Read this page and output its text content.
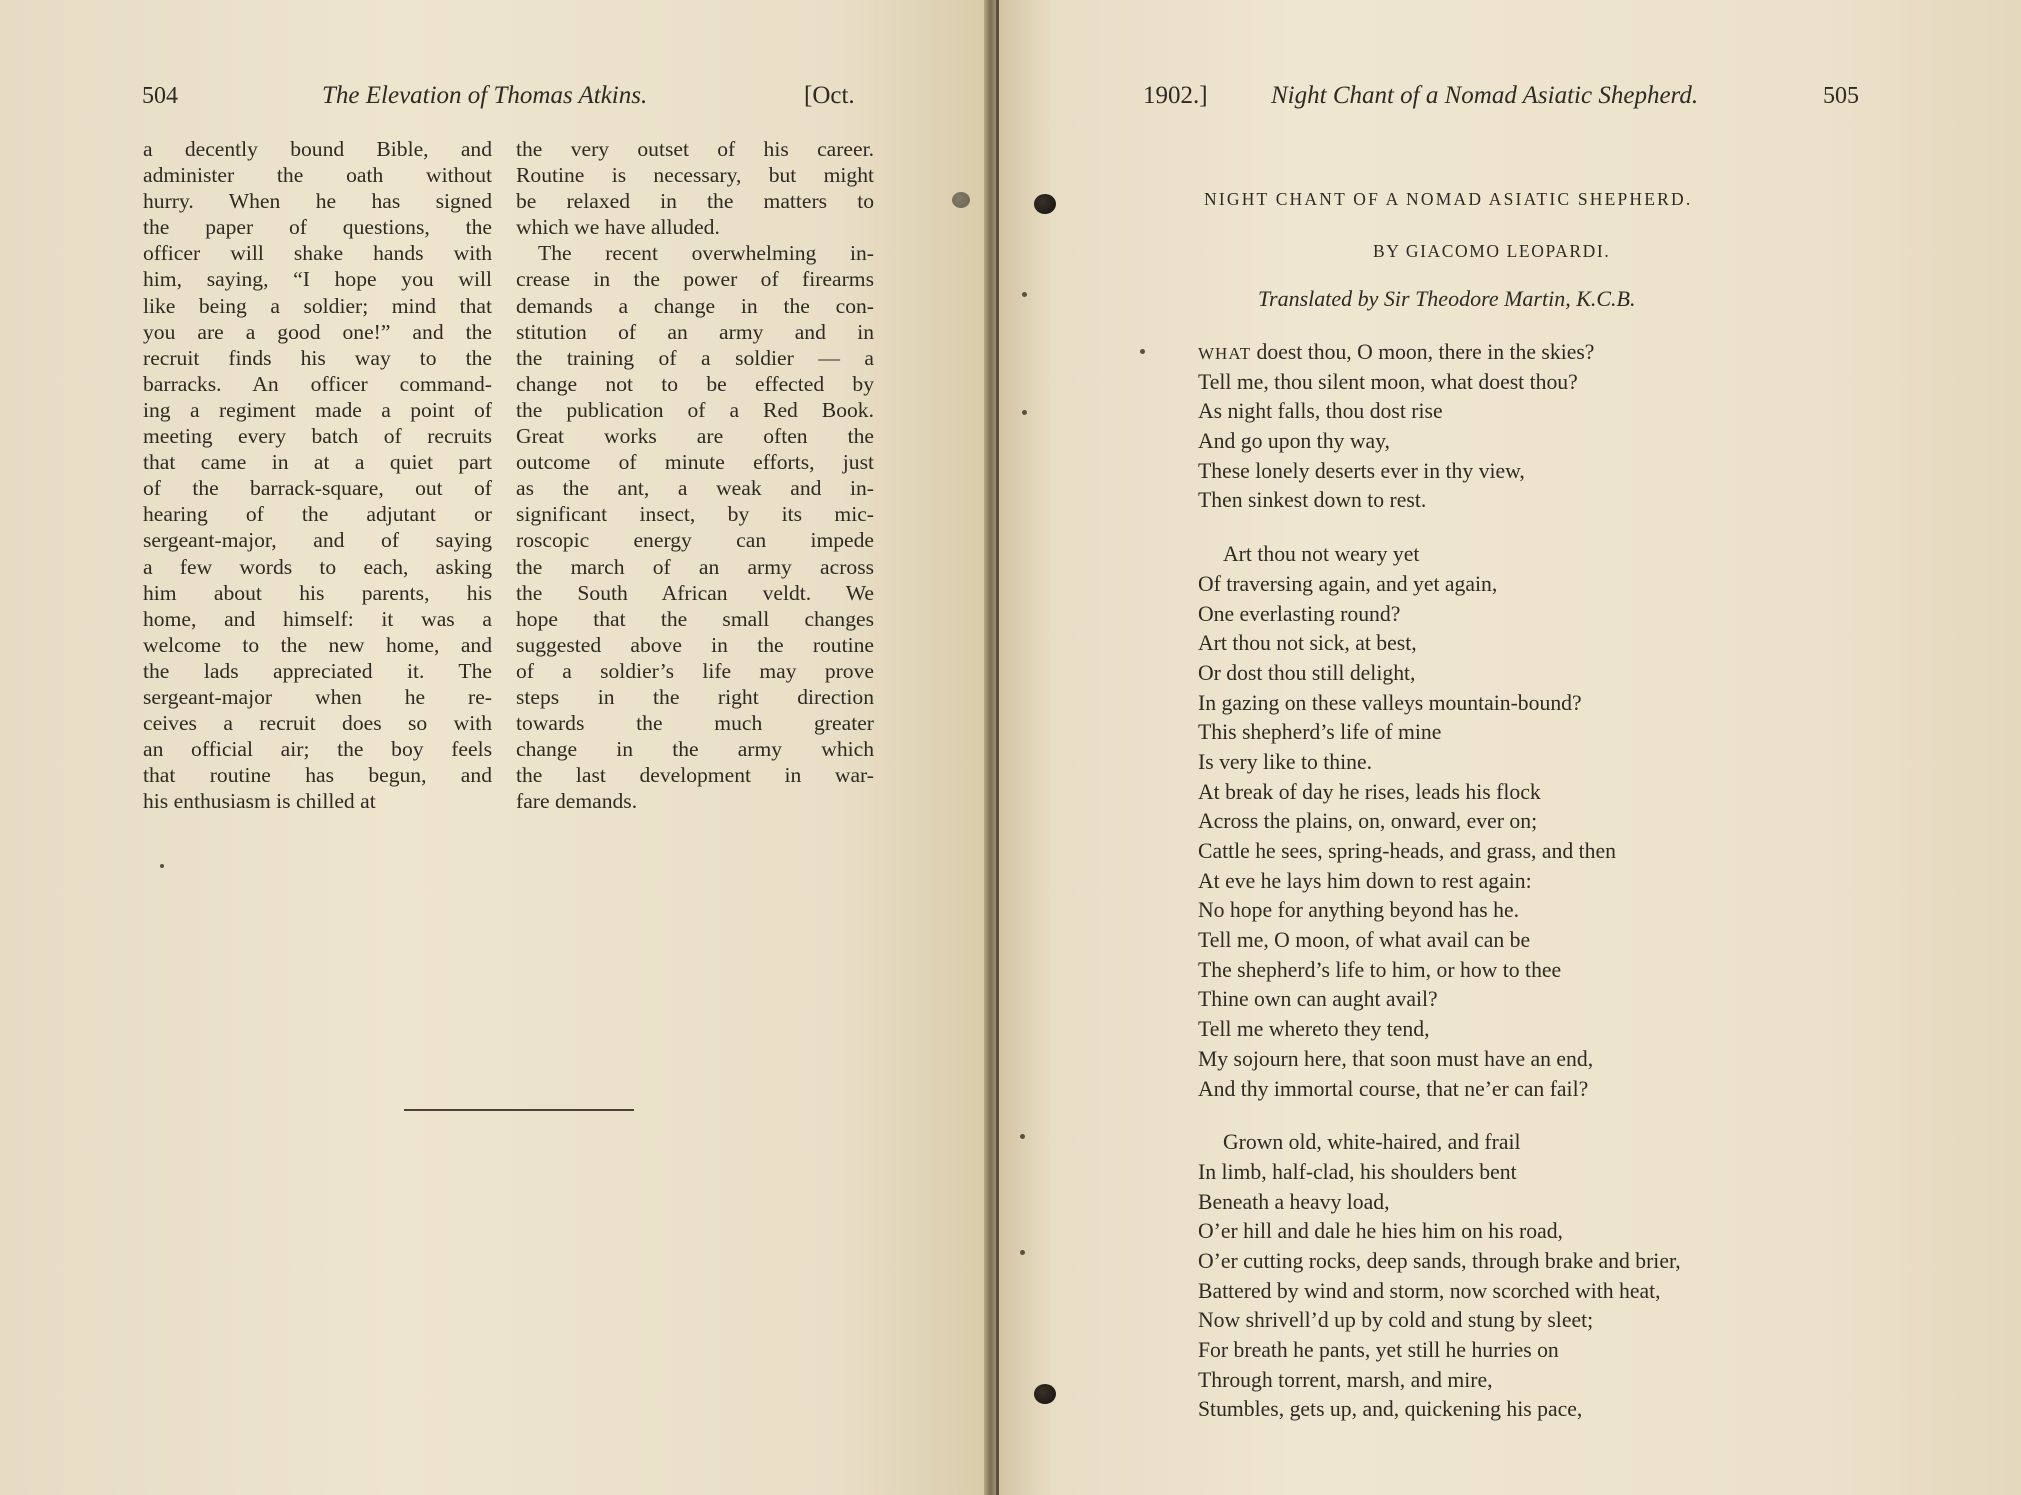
504	The Elevation of Thomas Atkins.	[Oct.
a decently bound Bible, and
administer the oath without
hurry. When he has signed
the paper of questions, the
officer will shake hands with
him, saying, “I hope you will
like being a soldier; mind that
you are a good one!” and the
recruit finds his way to the
barracks. An officer command-
ing a regiment made a point of
meeting every batch of recruits
that came in at a quiet part
of the barrack-square, out of
hearing of the adjutant or
sergeant-major, and of saying
a few words to each, asking
him about his parents, his
home, and himself: it was a
welcome to the new home, and
the lads appreciated it. The
sergeant-major when he re-
ceives a recruit does so with
an official air; the boy feels
that routine has begun, and
his enthusiasm is chilled at
the very outset of his career.
Routine is necessary, but might
be relaxed in the matters to
which we have alluded.
The recent overwhelming in-
crease in the power of firearms
demands a change in the con-
stitution of an army and in
the training of a soldier — a
change not to be effected by
the publication of a Red Book.
Great works are often the
outcome of minute efforts, just
as the ant, a weak and in-
significant insect, by its mic-
roscopic energy can impede
the march of an army across
the South African veldt. We
hope that the small changes
suggested above in the routine
of a soldier’s life may prove
steps in the right direction
towards the much greater
change in the army which
the last development in war-
fare demands.
1902.]	Night Chant of a Nomad Asiatic Shepherd.	505
NIGHT CHANT OF A NOMAD ASIATIC SHEPHERD.
BY GIACOMO LEOPARDI.
Translated by Sir Theodore Martin, K.C.B.
WHAT doest thou, O moon, there in the skies?
Tell me, thou silent moon, what doest thou?
As night falls, thou dost rise
And go upon thy way,
These lonely deserts ever in thy view,
Then sinkest down to rest.
Art thou not weary yet
Of traversing again, and yet again,
One everlasting round?
Art thou not sick, at best,
Or dost thou still delight,
In gazing on these valleys mountain-bound?
This shepherd’s life of mine
Is very like to thine.
At break of day he rises, leads his flock
Across the plains, on, onward, ever on;
Cattle he sees, spring-heads, and grass, and then
At eve he lays him down to rest again:
No hope for anything beyond has he.
Tell me, O moon, of what avail can be
The shepherd’s life to him, or how to thee
Thine own can aught avail?
Tell me whereto they tend,
My sojourn here, that soon must have an end,
And thy immortal course, that ne’er can fail?
Grown old, white-haired, and frail
In limb, half-clad, his shoulders bent
Beneath a heavy load,
O’er hill and dale he hies him on his road,
O’er cutting rocks, deep sands, through brake and brier,
Battered by wind and storm, now scorched with heat,
Now shrivell’d up by cold and stung by sleet;
For breath he pants, yet still he hurries on
Through torrent, marsh, and mire,
Stumbles, gets up, and, quickening his pace,
